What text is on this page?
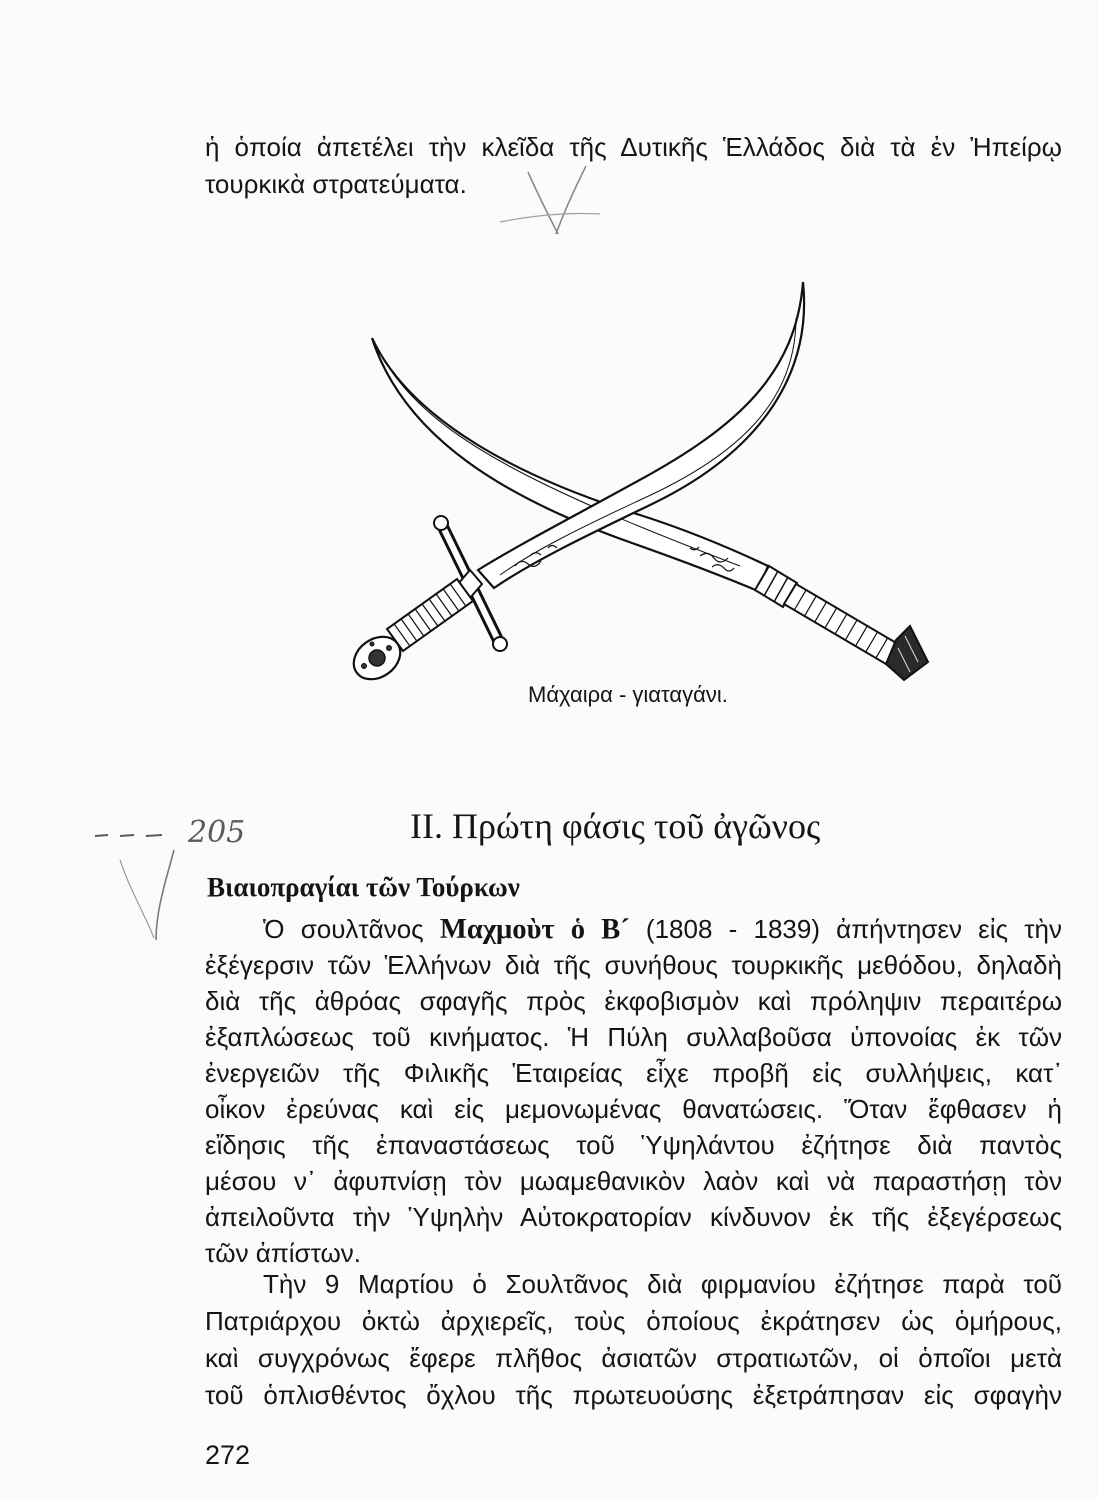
ἡ ὁποία ἀπετέλει τὴν κλεῖδα τῆς Δυτικῆς Ἑλλάδος διὰ τὰ ἐν Ἠπείρῳ
τουρκικὰ στρατεύματα.
Μάχαιρα - γιαταγάνι.
205	II. Πρώτη φάσις τοῦ ἀγῶνος
Βιαιοπραγίαι τῶν Τούρκων
Ὁ σουλτᾶνος Μαχμοὺτ ὁ Β´ (1808 - 1839) ἀπήντησεν εἰς τὴν
ἐξέγερσιν τῶν Ἑλλήνων διὰ τῆς συνήθους τουρκικῆς μεθόδου, δηλαδὴ
διὰ τῆς ἀθρόας σφαγῆς πρὸς ἐκφοβισμὸν καὶ πρόληψιν περαιτέρω
ἐξαπλώσεως τοῦ κινήματος. Ἡ Πύλη συλλαβοῦσα ὑπονοίας ἐκ τῶν
ἐνεργειῶν τῆς Φιλικῆς Ἑταιρείας εἶχε προβῆ εἰς συλλήψεις, κατ᾽
οἶκον ἐρεύνας καὶ εἰς μεμονωμένας θανατώσεις. Ὅταν ἔφθασεν ἡ
εἴδησις τῆς ἐπαναστάσεως τοῦ Ὑψηλάντου ἐζήτησε διὰ παντὸς
μέσου ν᾽ ἀφυπνίσῃ τὸν μωαμεθανικὸν λαὸν καὶ νὰ παραστήσῃ τὸν
ἀπειλοῦντα τὴν Ὑψηλὴν Αὐτοκρατορίαν κίνδυνον ἐκ τῆς ἐξεγέρσεως
τῶν ἀπίστων.
Τὴν 9 Μαρτίου ὁ Σουλτᾶνος διὰ φιρμανίου ἐζήτησε παρὰ τοῦ
Πατριάρχου ὀκτὼ ἀρχιερεῖς, τοὺς ὁποίους ἐκράτησεν ὡς ὁμήρους,
καὶ συγχρόνως ἔφερε πλῆθος ἀσιατῶν στρατιωτῶν, οἱ ὁποῖοι μετὰ
τοῦ ὁπλισθέντος ὄχλου τῆς πρωτευούσης ἐξετράπησαν εἰς σφαγὴν
272
